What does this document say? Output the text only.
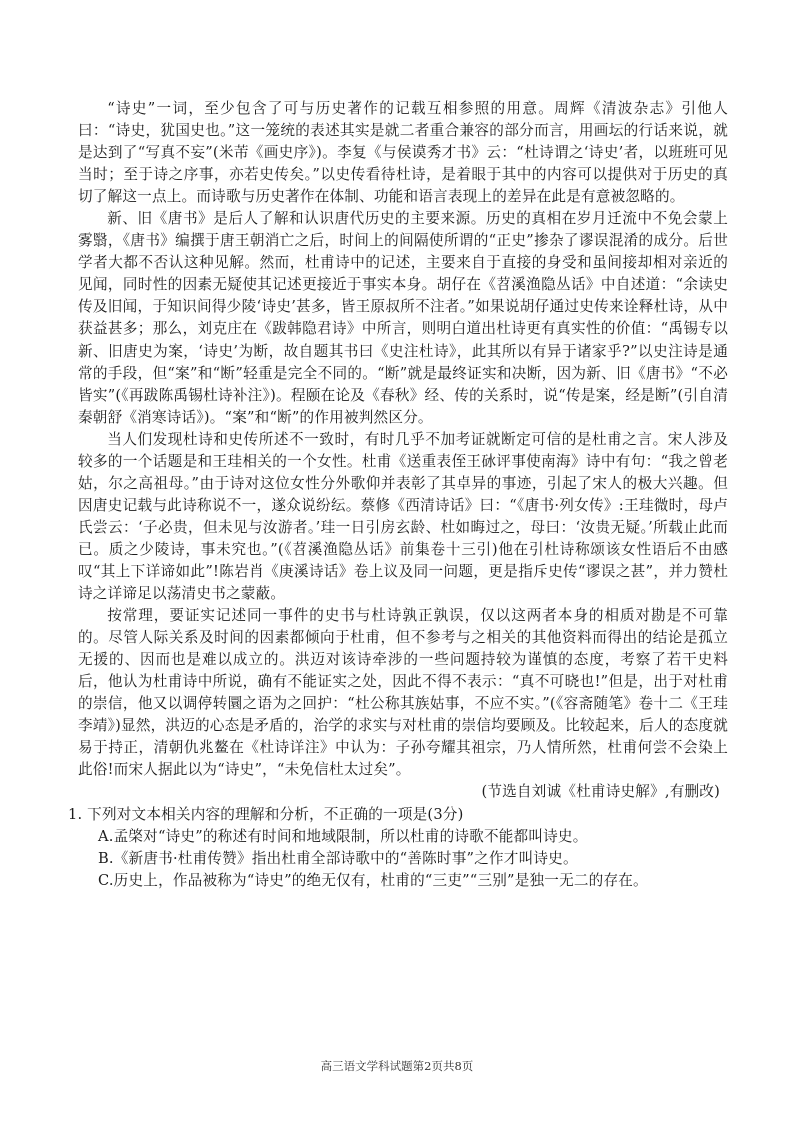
“诗史”一词，至少包含了可与历史著作的记载互相参照的用意。周辉《清波杂志》引他人曰：“诗史，犹国史也。”这一笼统的表述其实是就二者重合兼容的部分而言，用画坛的行话来说，就是达到了“写真不妄”(米芾《画史序》)。李复《与侯谟秀才书》云：“杜诗谓之‘诗史’者，以班班可见当时；至于诗之序事，亦若史传矣。”以史传看待杜诗，是着眼于其中的内容可以提供对于历史的真切了解这一点上。而诗歌与历史著作在体制、功能和语言表现上的差异在此是有意被忽略的。

新、旧《唐书》是后人了解和认识唐代历史的主要来源。历史的真相在岁月迁流中不免会蒙上雾翳，《唐书》编撰于唐王朝消亡之后，时间上的间隔使所谓的“正史”掺杂了谬误混淆的成分。后世学者大都不否认这种见解。然而，杜甫诗中的记述，主要来自于直接的身受和虽间接却相对亲近的见闻，同时性的因素无疑使其记述更接近于事实本身。胡仔在《苕溪渔隐丛话》中自述道：“余读史传及旧闻，于知识间得少陵‘诗史’甚多，皆王原叔所不注者。”如果说胡仔通过史传来诠释杜诗，从中获益甚多；那么，刘克庄在《跋韩隐君诗》中所言，则明白道出杜诗更有真实性的价值：“禹锡专以新、旧唐史为案，‘诗史’为断，故自题其书曰《史注杜诗》，此其所以有异于诸家乎?”以史注诗是通常的手段，但“案”和“断”轻重是完全不同的。“断”就是最终证实和决断，因为新、旧《唐书》“不必皆实”(《再跋陈禹锡杜诗补注》)。程颐在论及《春秋》经、传的关系时，说“传是案，经是断”(引自清秦朝舒《消寒诗话》)。“案”和“断”的作用被判然区分。

当人们发现杜诗和史传所述不一致时，有时几乎不加考证就断定可信的是杜甫之言。宋人涉及较多的一个话题是和王珪相关的一个女性。杜甫《送重表侄王砅评事使南海》诗中有句：“我之曾老姑，尔之高祖母。”由于诗对这位女性分外歌仰并表彰了其卓异的事迹，引起了宋人的极大兴趣。但因唐史记载与此诗称说不一，遂众说纷纭。蔡修《西清诗话》曰：“《唐书·列女传》:王珪微时，母卢氏尝云：‘子必贵，但未见与汝游者。’珪一日引房玄龄、杜如晦过之，母曰：‘汝贵无疑。’所载止此而已。质之少陵诗，事未究也。”(《苕溪渔隐丛话》前集卷十三引)他在引杜诗称颂该女性语后不由感叹“其上下详谛如此”!陈岩肖《庚溪诗话》卷上议及同一问题，更是指斥史传“谬误之甚”，并力赞杜诗之详谛足以荡清史书之蒙蔽。

按常理，要证实记述同一事件的史书与杜诗孰正孰误，仅以这两者本身的相质对勘是不可靠的。尽管人际关系及时间的因素都倾向于杜甫，但不参考与之相关的其他资料而得出的结论是孤立无援的、因而也是难以成立的。洪迈对该诗牵涉的一些问题持较为谨慎的态度，考察了若干史料后，他认为杜甫诗中所说，确有不能证实之处，因此不得不表示：“真不可晓也!”但是，出于对杜甫的崇信，他又以调停转圜之语为之回护：“杜公称其族姑事，不应不实。”(《容斋随笔》卷十二《王珪李靖》)显然，洪迈的心态是矛盾的，治学的求实与对杜甫的崇信均要顾及。比较起来，后人的态度就易于持正，清朝仇兆鳌在《杜诗详注》中认为：子孙夸耀其祖宗，乃人情所然，杜甫何尝不会染上此俗!而宋人据此以为“诗史”，“未免信杜太过矣”。

(节选自刘诚《杜甫诗史解》,有删改)

1. 下列对文本相关内容的理解和分析，不正确的一项是(3分)

A.孟棨对“诗史”的称述有时间和地域限制，所以杜甫的诗歌不能都叫诗史。

B.《新唐书·杜甫传赞》指出杜甫全部诗歌中的“善陈时事”之作才叫诗史。

C.历史上，作品被称为“诗史”的绝无仅有，杜甫的“三吏”“三别”是独一无二的存在。

高三语文学科试题第2页共8页
